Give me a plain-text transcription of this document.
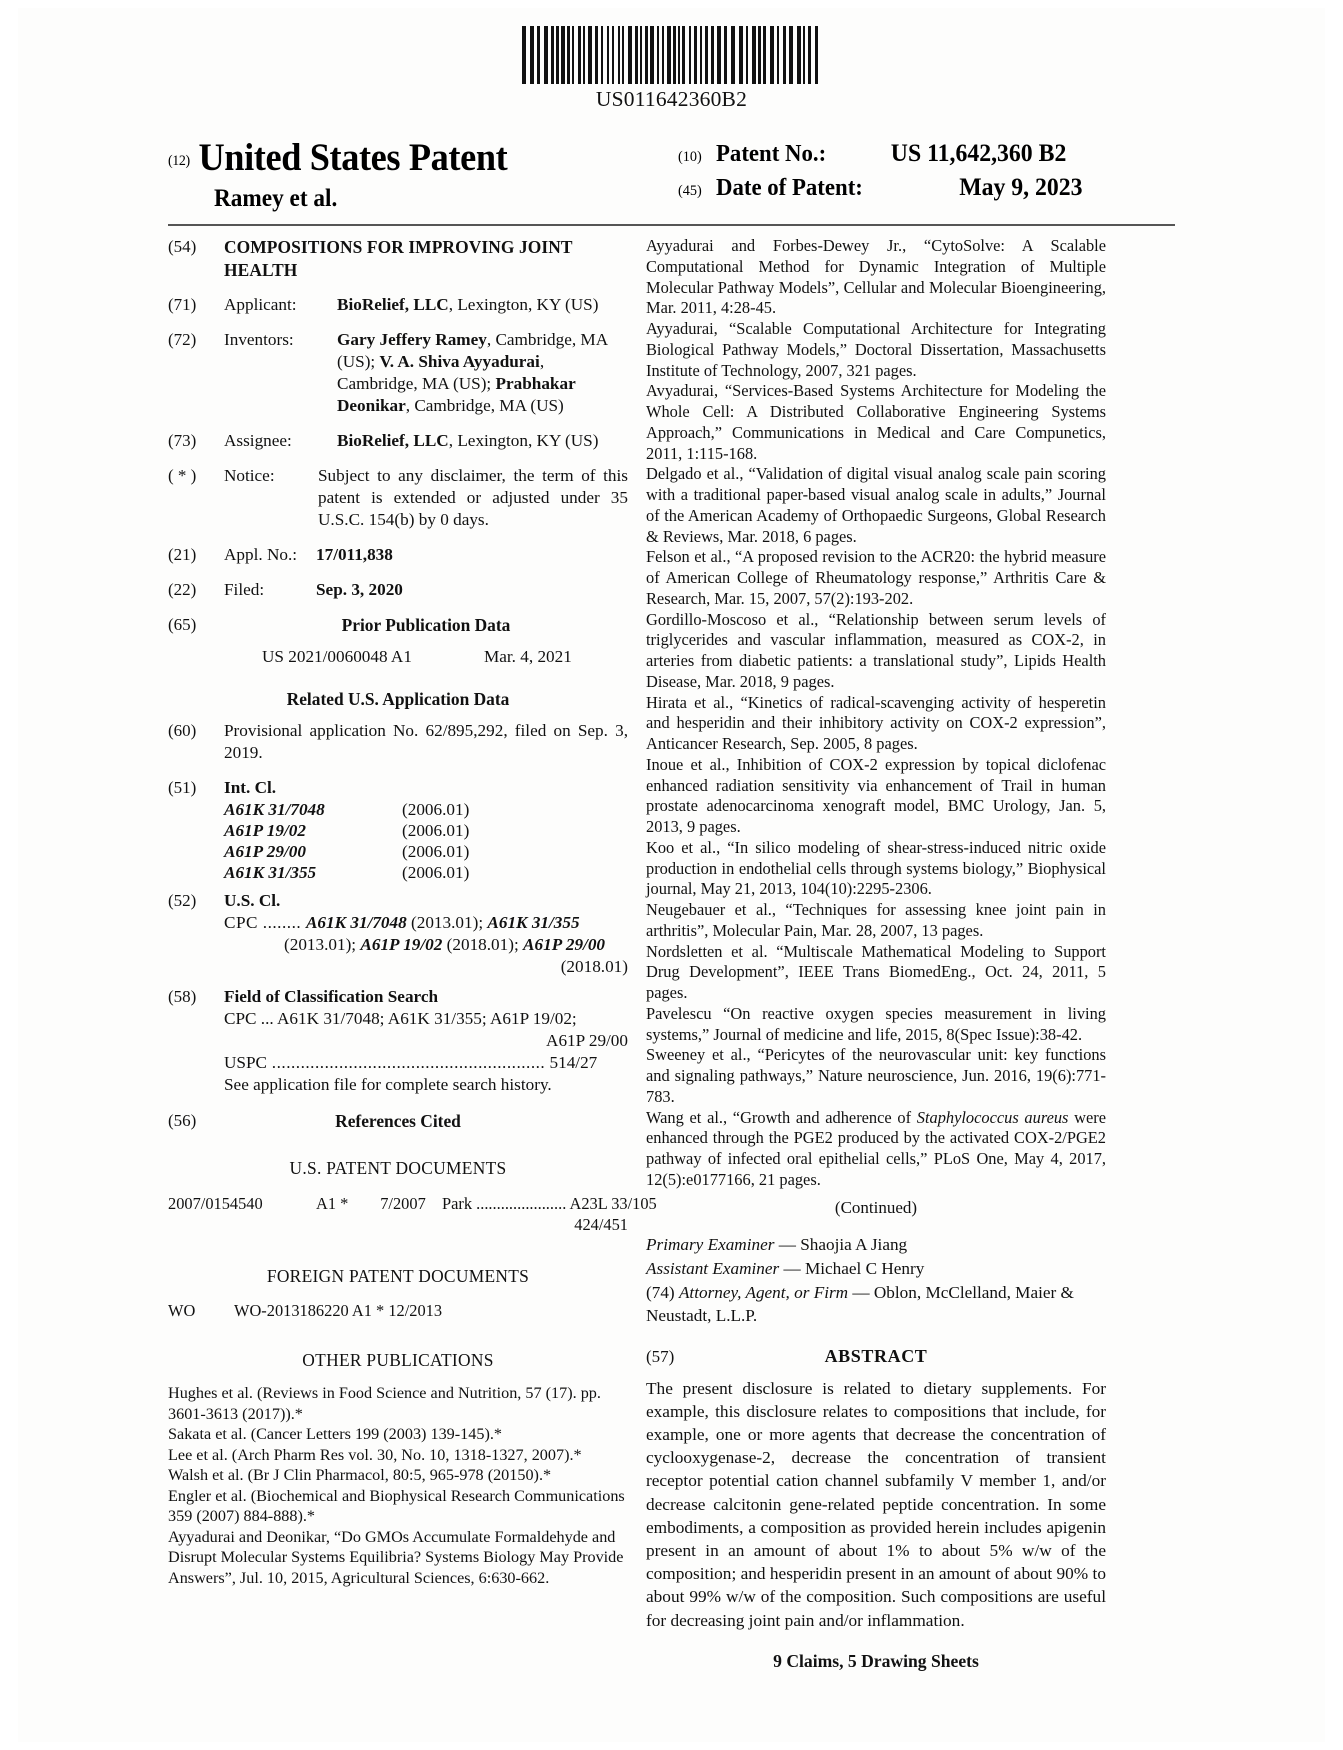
US011642360B2
(12) United States Patent
Ramey et al.
(10) Patent No.:	US 11,642,360 B2
(45) Date of Patent:	May 9, 2023
(54)	COMPOSITIONS FOR IMPROVING JOINT HEALTH
(71)	Applicant:	BioRelief, LLC, Lexington, KY (US)
(72)	Inventors:	Gary Jeffery Ramey, Cambridge, MA (US); V. A. Shiva Ayyadurai, Cambridge, MA (US); Prabhakar Deonikar, Cambridge, MA (US)
(73)	Assignee:	BioRelief, LLC, Lexington, KY (US)
( * )	Notice:	Subject to any disclaimer, the term of this patent is extended or adjusted under 35 U.S.C. 154(b) by 0 days.
(21)	Appl. No.:	17/011,838
(22)	Filed:	Sep. 3, 2020
(65)	Prior Publication Data
US 2021/0060048 A1	Mar. 4, 2021
Related U.S. Application Data
(60)	Provisional application No. 62/895,292, filed on Sep. 3, 2019.
(51)	Int. Cl.
A61K 31/7048	(2006.01)
A61P 19/02	(2006.01)
A61P 29/00	(2006.01)
A61K 31/355	(2006.01)
(52)	U.S. Cl.
CPC ........ A61K 31/7048 (2013.01); A61K 31/355
(2013.01); A61P 19/02 (2018.01); A61P 29/00
(2018.01)
(58)	Field of Classification Search
CPC ... A61K 31/7048; A61K 31/355; A61P 19/02;
A61P 29/00
USPC ......................................................... 514/27
See application file for complete search history.
(56)	References Cited
U.S. PATENT DOCUMENTS
2007/0154540	A1 *	7/2007 Park ...................... A23L 33/105
424/451
FOREIGN PATENT DOCUMENTS
WO	WO-2013186220 A1 * 12/2013
OTHER PUBLICATIONS
Hughes et al. (Reviews in Food Science and Nutrition, 57 (17). pp. 3601-3613 (2017)).*
Sakata et al. (Cancer Letters 199 (2003) 139-145).*
Lee et al. (Arch Pharm Res vol. 30, No. 10, 1318-1327, 2007).*
Walsh et al. (Br J Clin Pharmacol, 80:5, 965-978 (20150).*
Engler et al. (Biochemical and Biophysical Research Communications 359 (2007) 884-888).*
Ayyadurai and Deonikar, “Do GMOs Accumulate Formaldehyde and Disrupt Molecular Systems Equilibria? Systems Biology May Provide Answers”, Jul. 10, 2015, Agricultural Sciences, 6:630-662.
Ayyadurai and Forbes-Dewey Jr., “CytoSolve: A Scalable Computational Method for Dynamic Integration of Multiple Molecular Pathway Models”, Cellular and Molecular Bioengineering, Mar. 2011, 4:28-45.
Ayyadurai, “Scalable Computational Architecture for Integrating Biological Pathway Models,” Doctoral Dissertation, Massachusetts Institute of Technology, 2007, 321 pages.
Avyadurai, “Services-Based Systems Architecture for Modeling the Whole Cell: A Distributed Collaborative Engineering Systems Approach,” Communications in Medical and Care Compunetics, 2011, 1:115-168.
Delgado et al., “Validation of digital visual analog scale pain scoring with a traditional paper-based visual analog scale in adults,” Journal of the American Academy of Orthopaedic Surgeons, Global Research & Reviews, Mar. 2018, 6 pages.
Felson et al., “A proposed revision to the ACR20: the hybrid measure of American College of Rheumatology response,” Arthritis Care & Research, Mar. 15, 2007, 57(2):193-202.
Gordillo-Moscoso et al., “Relationship between serum levels of triglycerides and vascular inflammation, measured as COX-2, in arteries from diabetic patients: a translational study”, Lipids Health Disease, Mar. 2018, 9 pages.
Hirata et al., “Kinetics of radical-scavenging activity of hesperetin and hesperidin and their inhibitory activity on COX-2 expression”, Anticancer Research, Sep. 2005, 8 pages.
Inoue et al., Inhibition of COX-2 expression by topical diclofenac enhanced radiation sensitivity via enhancement of Trail in human prostate adenocarcinoma xenograft model, BMC Urology, Jan. 5, 2013, 9 pages.
Koo et al., “In silico modeling of shear-stress-induced nitric oxide production in endothelial cells through systems biology,” Biophysical journal, May 21, 2013, 104(10):2295-2306.
Neugebauer et al., “Techniques for assessing knee joint pain in arthritis”, Molecular Pain, Mar. 28, 2007, 13 pages.
Nordsletten et al. “Multiscale Mathematical Modeling to Support Drug Development”, IEEE Trans BiomedEng., Oct. 24, 2011, 5 pages.
Pavelescu “On reactive oxygen species measurement in living systems,” Journal of medicine and life, 2015, 8(Spec Issue):38-42.
Sweeney et al., “Pericytes of the neurovascular unit: key functions and signaling pathways,” Nature neuroscience, Jun. 2016, 19(6):771-783.
Wang et al., “Growth and adherence of Staphylococcus aureus were enhanced through the PGE2 produced by the activated COX-2/PGE2 pathway of infected oral epithelial cells,” PLoS One, May 4, 2017, 12(5):e0177166, 21 pages.
(Continued)
Primary Examiner — Shaojia A Jiang
Assistant Examiner — Michael C Henry
(74) Attorney, Agent, or Firm — Oblon, McClelland, Maier & Neustadt, L.L.P.
(57)	ABSTRACT
The present disclosure is related to dietary supplements. For example, this disclosure relates to compositions that include, for example, one or more agents that decrease the concentration of cyclooxygenase-2, decrease the concentration of transient receptor potential cation channel subfamily V member 1, and/or decrease calcitonin gene-related peptide concentration. In some embodiments, a composition as provided herein includes apigenin present in an amount of about 1% to about 5% w/w of the composition; and hesperidin present in an amount of about 90% to about 99% w/w of the composition. Such compositions are useful for decreasing joint pain and/or inflammation.
9 Claims, 5 Drawing Sheets
